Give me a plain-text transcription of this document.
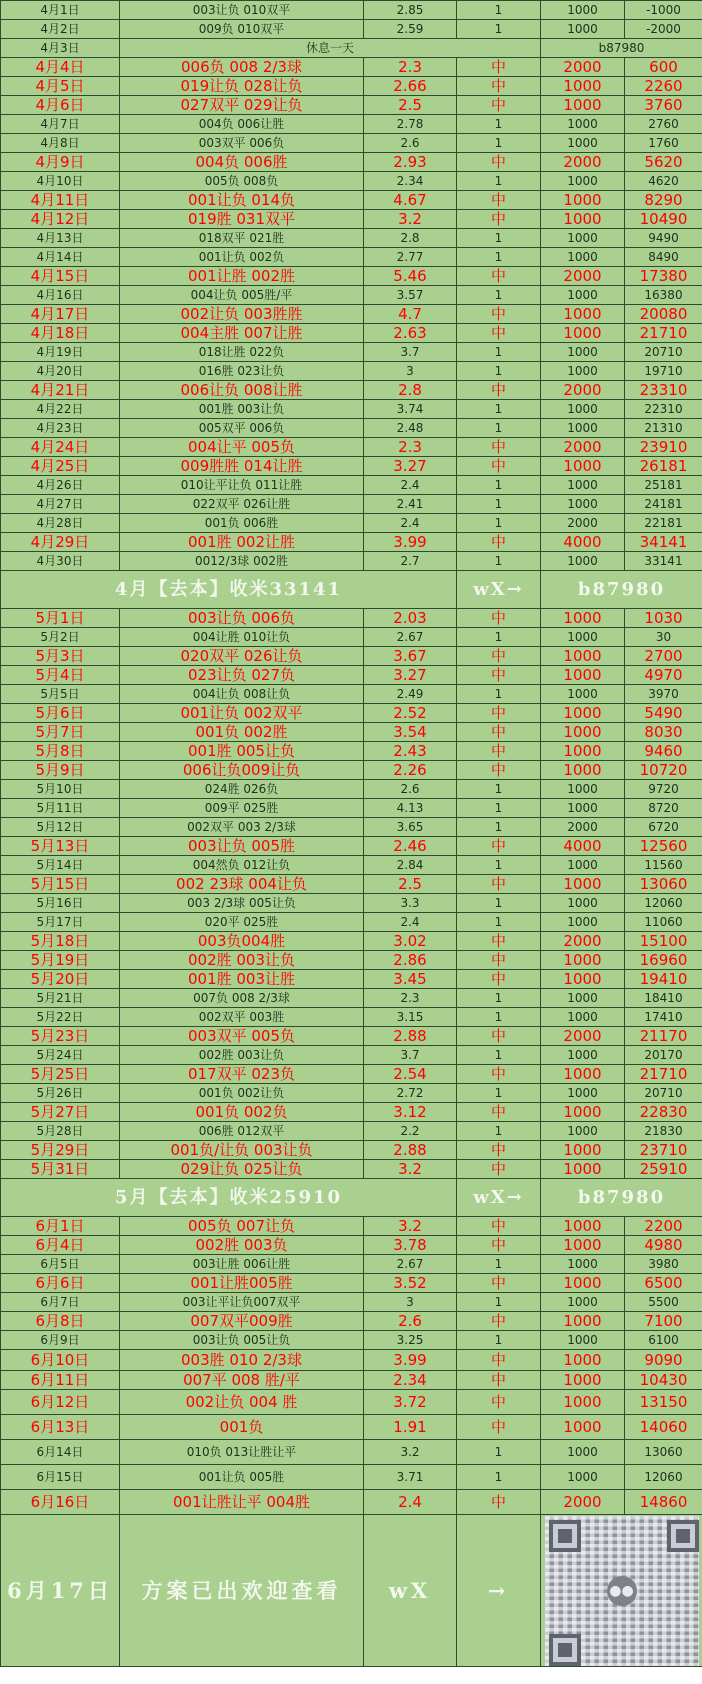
4月1日	003让负 010双平	2.85	1	1000	-1000
4月2日	009负 010双平	2.59	1	1000	-2000
4月3日	休息一天			b87980	
4月4日	006负 008 2/3球	2.3	中	2000	600
4月5日	019让负 028让负	2.66	中	1000	2260
4月6日	027双平 029让负	2.5	中	1000	3760
4月7日	004负 006让胜	2.78	1	1000	2760
4月8日	003双平 006负	2.6	1	1000	1760
4月9日	004负 006胜	2.93	中	2000	5620
4月10日	005负 008负	2.34	1	1000	4620
4月11日	001让负 014负	4.67	中	1000	8290
4月12日	019胜 031双平	3.2	中	1000	10490
4月13日	018双平 021胜	2.8	1	1000	9490
4月14日	001让负 002负	2.77	1	1000	8490
4月15日	001让胜 002胜	5.46	中	2000	17380
4月16日	004让负 005胜/平	3.57	1	1000	16380
4月17日	002让负 003胜胜	4.7	中	1000	20080
4月18日	004主胜 007让胜	2.63	中	1000	21710
4月19日	018让胜 022负	3.7	1	1000	20710
4月20日	016胜 023让负	3	1	1000	19710
4月21日	006让负 008让胜	2.8	中	2000	23310
4月22日	001胜 003让负	3.74	1	1000	22310
4月23日	005双平 006负	2.48	1	1000	21310
4月24日	004让平 005负	2.3	中	2000	23910
4月25日	009胜胜 014让胜	3.27	中	1000	26181
4月26日	010让平让负 011让胜	2.4	1	1000	25181
4月27日	022双平 026让胜	2.41	1	1000	24181
4月28日	001负 006胜	2.4	1	2000	22181
4月29日	001胜 002让胜	3.99	中	4000	34141
4月30日	0012/3球 002胜	2.7	1	1000	33141
4月【去本】收米33141			wX→	b87980	
5月1日	003让负 006负	2.03	中	1000	1030
5月2日	004让胜 010让负	2.67	1	1000	30
5月3日	020双平 026让负	3.67	中	1000	2700
5月4日	023让负 027负	3.27	中	1000	4970
5月5日	004让负 008让负	2.49	1	1000	3970
5月6日	001让负 002双平	2.52	中	1000	5490
5月7日	001负 002胜	3.54	中	1000	8030
5月8日	001胜 005让负	2.43	中	1000	9460
5月9日	006让负009让负	2.26	中	1000	10720
5月10日	024胜 026负	2.6	1	1000	9720
5月11日	009平 025胜	4.13	1	1000	8720
5月12日	002双平 003 2/3球	3.65	1	2000	6720
5月13日	003让负 005胜	2.46	中	4000	12560
5月14日	004然负 012让负	2.84	1	1000	11560
5月15日	002 23球 004让负	2.5	中	1000	13060
5月16日	003 2/3球 005让负	3.3	1	1000	12060
5月17日	020平 025胜	2.4	1	1000	11060
5月18日	003负004胜	3.02	中	2000	15100
5月19日	002胜 003让负	2.86	中	1000	16960
5月20日	001胜 003让胜	3.45	中	1000	19410
5月21日	007负 008 2/3球	2.3	1	1000	18410
5月22日	002双平 003胜	3.15	1	1000	17410
5月23日	003双平 005负	2.88	中	2000	21170
5月24日	002胜 003让负	3.7	1	1000	20170
5月25日	017双平 023负	2.54	中	1000	21710
5月26日	001负 002让负	2.72	1	1000	20710
5月27日	001负 002负	3.12	中	1000	22830
5月28日	006胜 012双平	2.2	1	1000	21830
5月29日	001负/让负 003让负	2.88	中	1000	23710
5月31日	029让负 025让负	3.2	中	1000	25910
5月【去本】收米25910			wX→	b87980	
6月1日	005负 007让负	3.2	中	1000	2200
6月4日	002胜 003负	3.78	中	1000	4980
6月5日	003让胜 006让胜	2.67	1	1000	3980
6月6日	001让胜005胜	3.52	中	1000	6500
6月7日	003让平让负007双平	3	1	1000	5500
6月8日	007双平009胜	2.6	中	1000	7100
6月9日	003让负 005让负	3.25	1	1000	6100
6月10日	003胜 010 2/3球	3.99	中	1000	9090
6月11日	007平 008 胜/平	2.34	中	1000	10430
6月12日	002让负 004 胜	3.72	中	1000	13150
6月13日	001负	1.91	中	1000	14060
6月14日	010负 013让胜让平	3.2	1	1000	13060
6月15日	001让负 005胜	3.71	1	1000	12060
6月16日	001让胜让平 004胜	2.4	中	2000	14860
6月17日	方案已出欢迎查看	wX	→	●●	
